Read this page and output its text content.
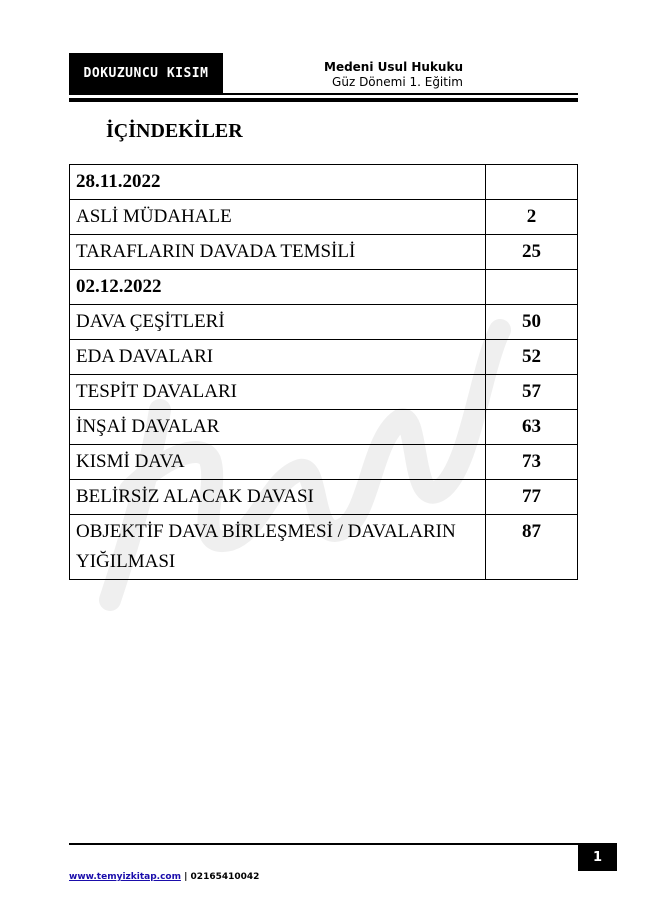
DOKUZUNCU KISIM	Medeni Usul Hukuku
Güz Dönemi 1. Eğitim
İÇİNDEKİLER
28.11.2022	
ASLİ MÜDAHALE	2
TARAFLARIN DAVADA TEMSİLİ	25
02.12.2022	
DAVA ÇEŞİTLERİ	50
EDA DAVALARI	52
TESPİT DAVALARI	57
İNŞAİ DAVALAR	63
KISMİ DAVA	73
BELİRSİZ ALACAK DAVASI	77
OBJEKTİF DAVA BİRLEŞMESİ / DAVALARIN YIĞILMASI	87
1
www.temyizkitap.com | 02165410042
